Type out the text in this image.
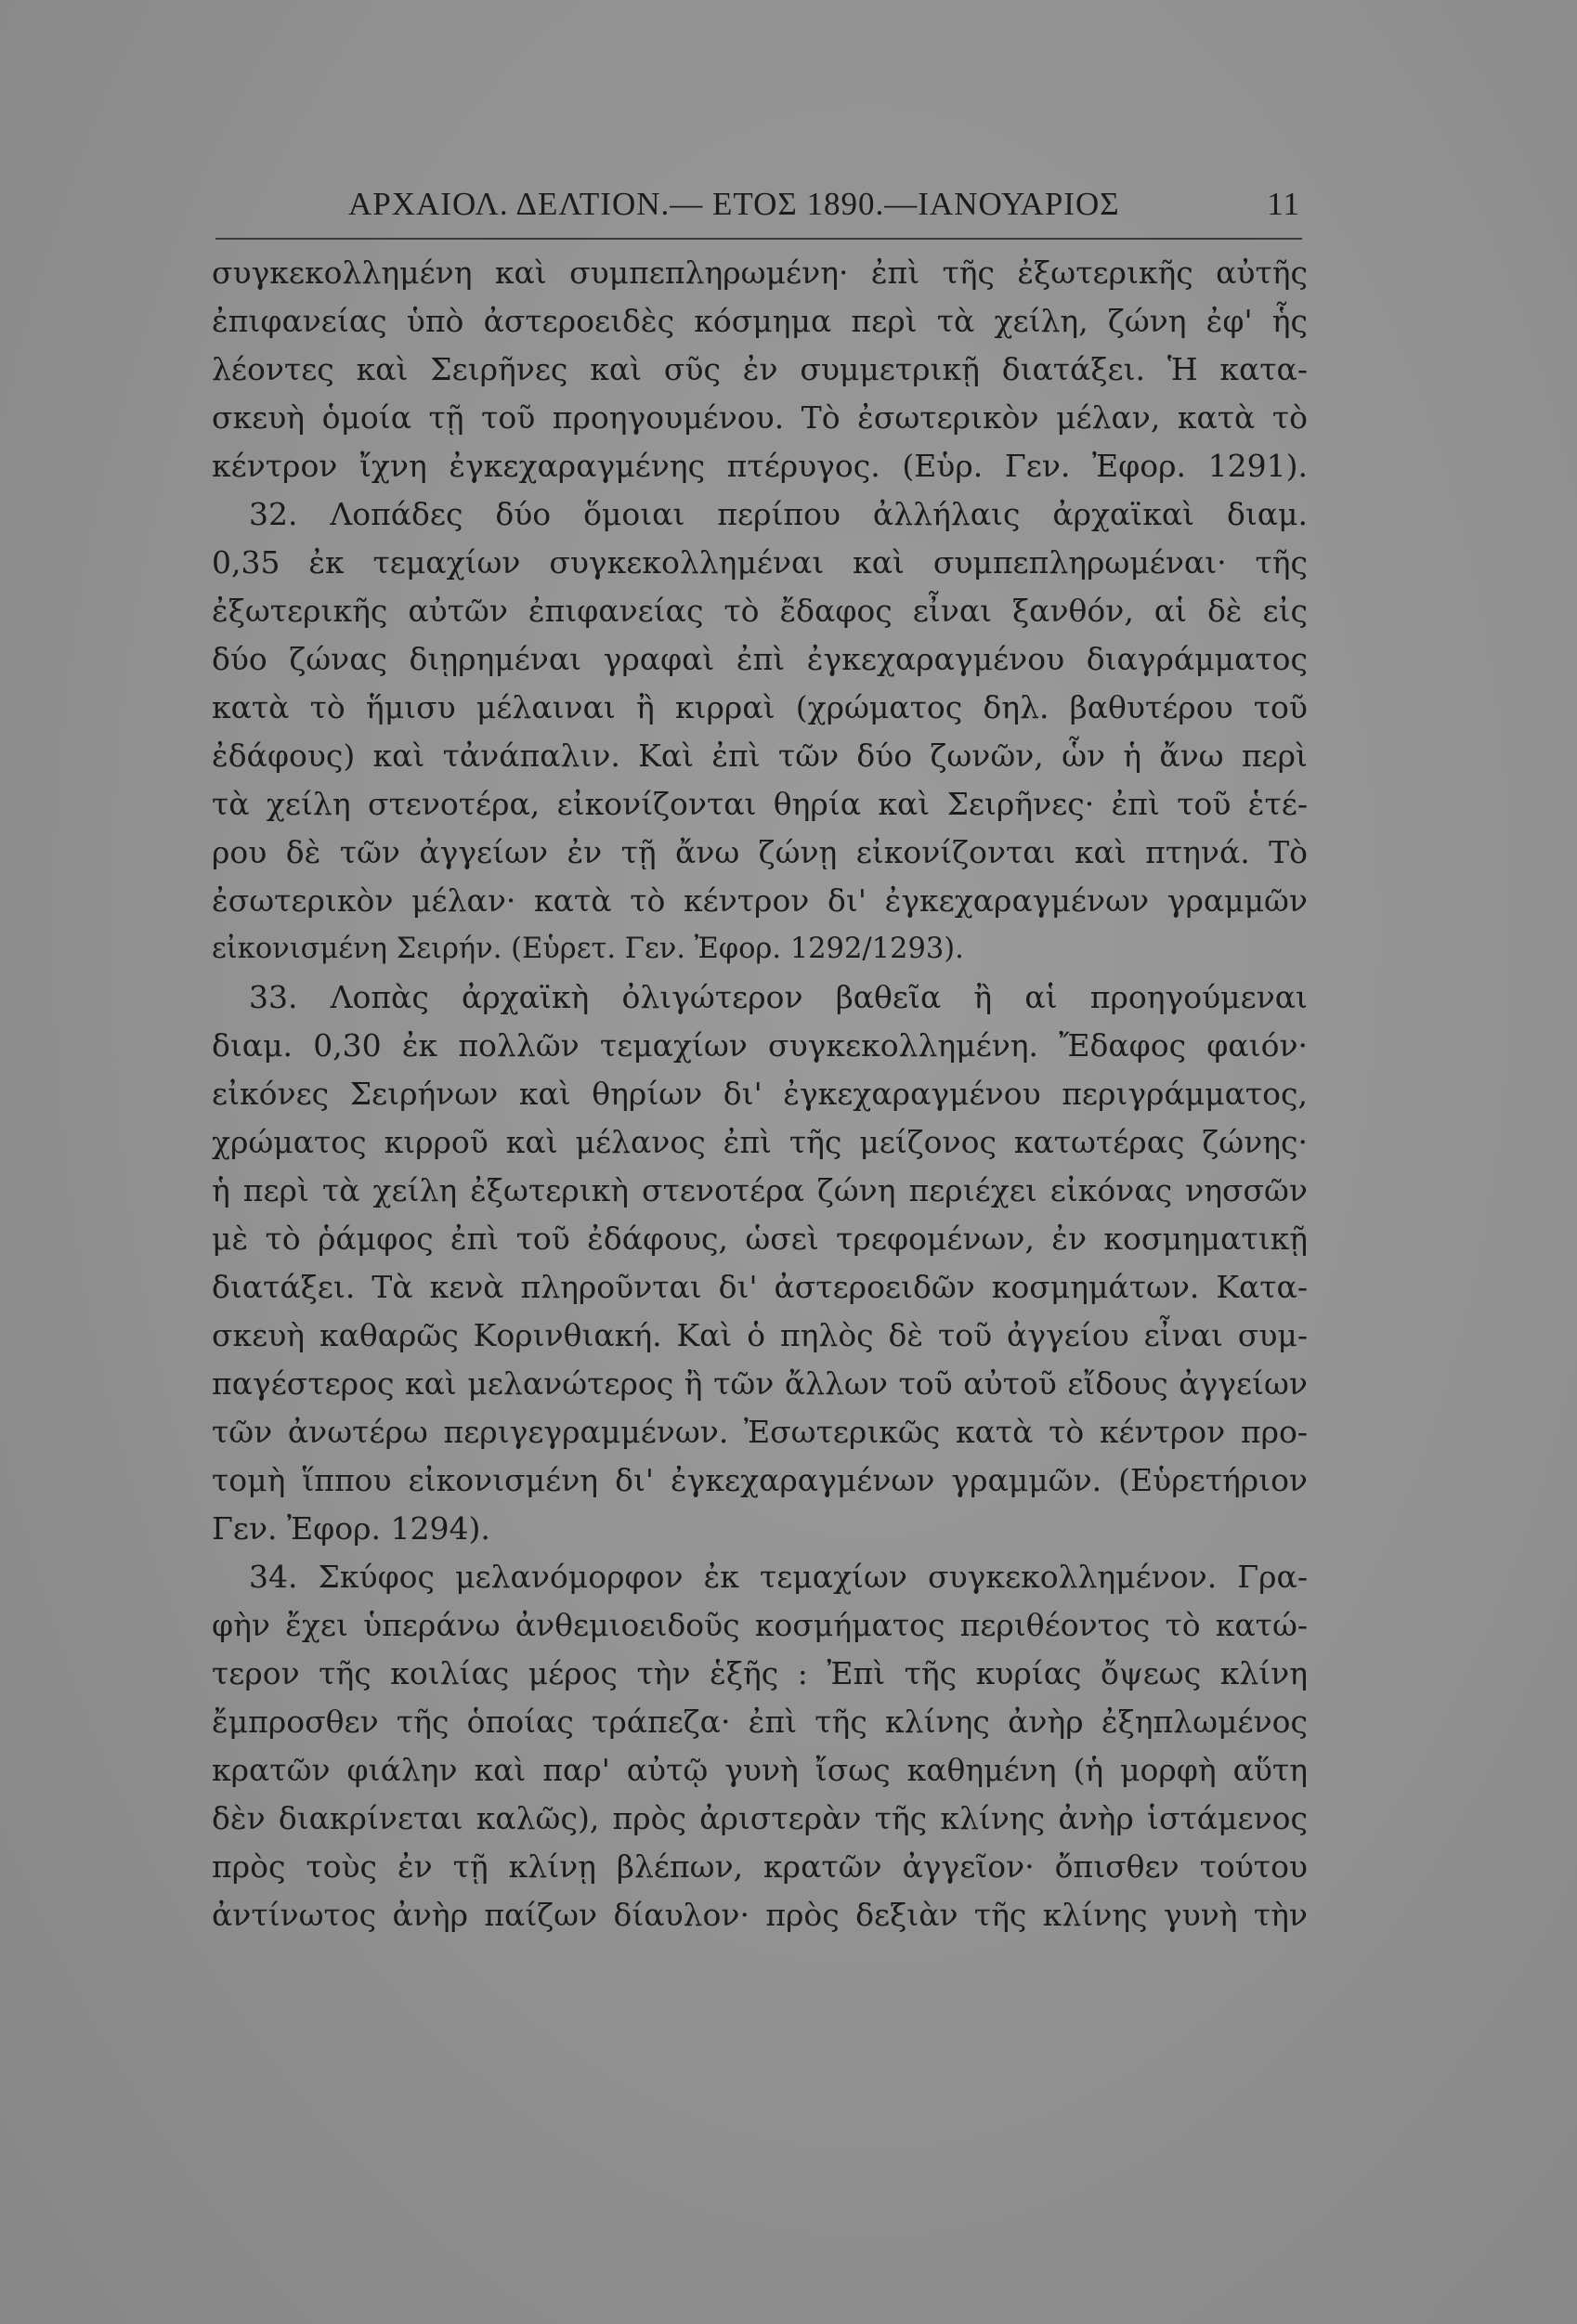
ΑΡΧΑΙΟΛ. ΔΕΛΤΙΟΝ.— ΕΤΟΣ 1890.—ΙΑΝΟΥΑΡΙΟΣ	11
συγκεκολλημένη καὶ συμπεπληρωμένη· ἐπὶ τῆς ἐξωτερικῆς αὐτῆς
ἐπιφανείας ὑπὸ ἀστεροειδὲς κόσμημα περὶ τὰ χείλη, ζώνη ἐφ' ἧς
λέοντες καὶ Σειρῆνες καὶ σῦς ἐν συμμετρικῇ διατάξει. Ἡ κατα-
σκευὴ ὁμοία τῇ τοῦ προηγουμένου. Τὸ ἐσωτερικὸν μέλαν, κατὰ τὸ
κέντρον ἴχνη ἐγκεχαραγμένης πτέρυγος. (Εὑρ. Γεν. Ἐφορ. 1291).
32. Λοπάδες δύο ὅμοιαι περίπου ἀλλήλαις ἀρχαϊκαὶ διαμ.
0,35 ἐκ τεμαχίων συγκεκολλημέναι καὶ συμπεπληρωμέναι· τῆς
ἐξωτερικῆς αὐτῶν ἐπιφανείας τὸ ἔδαφος εἶναι ξανθόν, αἱ δὲ εἰς
δύο ζώνας διῃρημέναι γραφαὶ ἐπὶ ἐγκεχαραγμένου διαγράμματος
κατὰ τὸ ἥμισυ μέλαιναι ἢ κιρραὶ (χρώματος δηλ. βαθυτέρου τοῦ
ἐδάφους) καὶ τἀνάπαλιν. Καὶ ἐπὶ τῶν δύο ζωνῶν, ὧν ἡ ἄνω περὶ
τὰ χείλη στενοτέρα, εἰκονίζονται θηρία καὶ Σειρῆνες· ἐπὶ τοῦ ἑτέ-
ρου δὲ τῶν ἀγγείων ἐν τῇ ἄνω ζώνῃ εἰκονίζονται καὶ πτηνά. Τὸ
ἐσωτερικὸν μέλαν· κατὰ τὸ κέντρον δι' ἐγκεχαραγμένων γραμμῶν
εἰκονισμένη Σειρήν. (Εὑρετ. Γεν. Ἐφορ. 1292/1293).
33. Λοπὰς ἀρχαϊκὴ ὀλιγώτερον βαθεῖα ἢ αἱ προηγούμεναι
διαμ. 0,30 ἐκ πολλῶν τεμαχίων συγκεκολλημένη. Ἔδαφος φαιόν·
εἰκόνες Σειρήνων καὶ θηρίων δι' ἐγκεχαραγμένου περιγράμματος,
χρώματος κιρροῦ καὶ μέλανος ἐπὶ τῆς μείζονος κατωτέρας ζώνης·
ἡ περὶ τὰ χείλη ἐξωτερικὴ στενοτέρα ζώνη περιέχει εἰκόνας νησσῶν
μὲ τὸ ῥάμφος ἐπὶ τοῦ ἐδάφους, ὡσεὶ τρεφομένων, ἐν κοσμηματικῇ
διατάξει. Τὰ κενὰ πληροῦνται δι' ἀστεροειδῶν κοσμημάτων. Κατα-
σκευὴ καθαρῶς Κορινθιακή. Καὶ ὁ πηλὸς δὲ τοῦ ἀγγείου εἶναι συμ-
παγέστερος καὶ μελανώτερος ἢ τῶν ἄλλων τοῦ αὐτοῦ εἴδους ἀγγείων
τῶν ἀνωτέρω περιγεγραμμένων. Ἐσωτερικῶς κατὰ τὸ κέντρον προ-
τομὴ ἵππου εἰκονισμένη δι' ἐγκεχαραγμένων γραμμῶν. (Εὑρετήριον
Γεν. Ἐφορ. 1294).
34. Σκύφος μελανόμορφον ἐκ τεμαχίων συγκεκολλημένον. Γρα-
φὴν ἔχει ὑπεράνω ἀνθεμιοειδοῦς κοσμήματος περιθέοντος τὸ κατώ-
τερον τῆς κοιλίας μέρος τὴν ἑξῆς : Ἐπὶ τῆς κυρίας ὄψεως κλίνη
ἔμπροσθεν τῆς ὁποίας τράπεζα· ἐπὶ τῆς κλίνης ἀνὴρ ἐξηπλωμένος
κρατῶν φιάλην καὶ παρ' αὐτῷ γυνὴ ἴσως καθημένη (ἡ μορφὴ αὕτη
δὲν διακρίνεται καλῶς), πρὸς ἀριστερὰν τῆς κλίνης ἀνὴρ ἱστάμενος
πρὸς τοὺς ἐν τῇ κλίνῃ βλέπων, κρατῶν ἀγγεῖον· ὄπισθεν τούτου
ἀντίνωτος ἀνὴρ παίζων δίαυλον· πρὸς δεξιὰν τῆς κλίνης γυνὴ τὴν
